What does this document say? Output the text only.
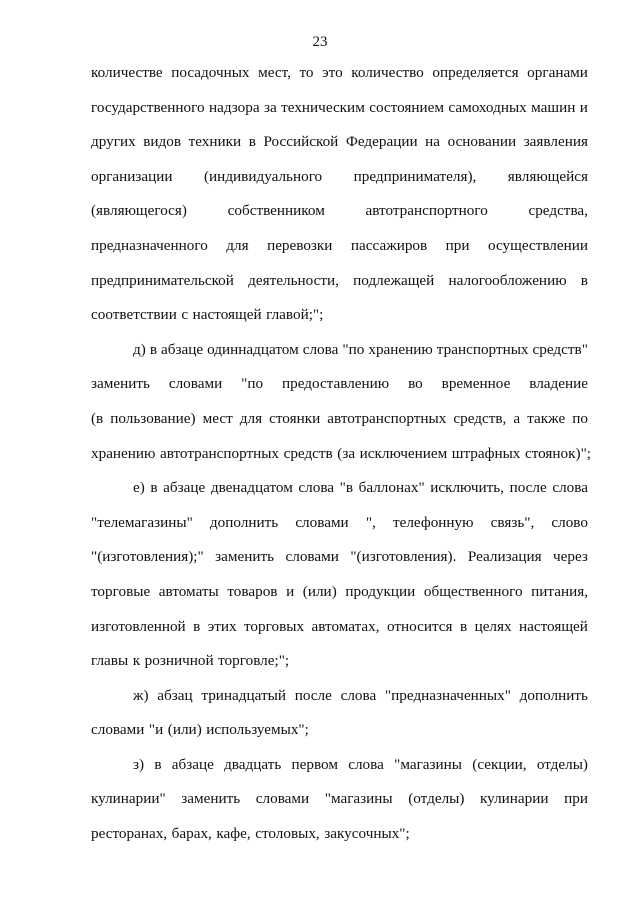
23
количестве посадочных мест, то это количество определяется органами
государственного надзора за техническим состоянием самоходных машин и
других видов техники в Российской Федерации на основании заявления
организации (индивидуального предпринимателя), являющейся
(являющегося)	собственником	автотранспортного	средства,
предназначенного для перевозки пассажиров при осуществлении
предпринимательской деятельности, подлежащей налогообложению в
соответствии с настоящей главой;";
д) в абзаце одиннадцатом слова "по хранению транспортных средств"
заменить словами "по предоставлению во временное владение
(в пользование) мест для стоянки автотранспортных средств, а также по
хранению автотранспортных средств (за исключением штрафных стоянок)";
е) в абзаце двенадцатом слова "в баллонах" исключить, после слова
"телемагазины" дополнить словами ", телефонную связь", слово
"(изготовления);" заменить словами "(изготовления). Реализация через
торговые автоматы товаров и (или) продукции общественного питания,
изготовленной в этих торговых автоматах, относится в целях настоящей
главы к розничной торговле;";
ж) абзац тринадцатый после слова "предназначенных" дополнить
словами "и (или) используемых";
з) в абзаце двадцать первом слова "магазины (секции, отделы)
кулинарии" заменить словами "магазины (отделы) кулинарии при
ресторанах, барах, кафе, столовых, закусочных";
